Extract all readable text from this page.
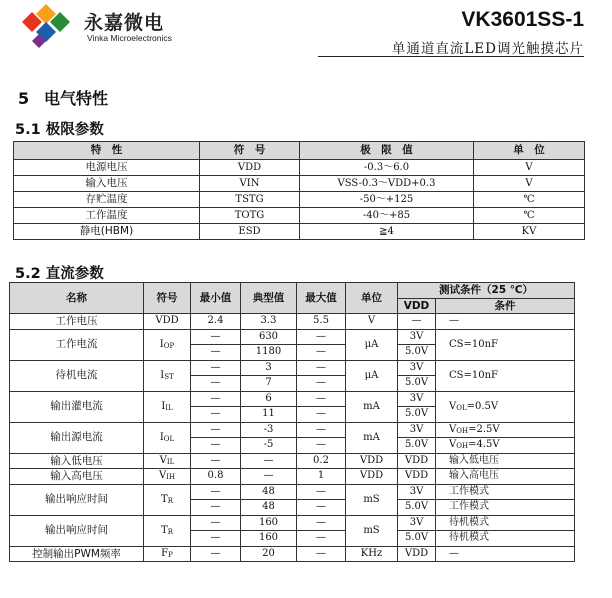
永嘉微电
Vinka Microelectronics
VK3601SS-1
单通道直流LED调光触摸芯片
5 电气特性
5.1 极限参数
特　性	符　号	极　限　值	单　位
电源电压	VDD	-0.3～6.0	V
输入电压	VIN	VSS-0.3～VDD+0.3	V
存贮温度	TSTG	-50～+125	℃
工作温度	TOTG	-40～+85	℃
静电(HBM)	ESD	≧4	KV
5.2 直流参数
名称	符号	最小值	典型值	最大值	单位	测试条件（25 ℃）	
						VDD	条件
工作电压	VDD	2.4	3.3	5.5	V	—	—
工作电流	$I_{OP}$	—	630	—	μA	3V	CS=10nF
		—	1180	—		5.0V	
待机电流	$I_{ST}$	—	3	—	μA	3V	CS=10nF
		—	7	—		5.0V	
输出灌电流	$I_{IL}$	—	6	—	mA	3V	$V_{OL}=0.5V$
		—	11	—		5.0V	
输出源电流	$I_{OL}$	—	-3	—	mA	3V	$V_{OH}=2.5V$
		—	-5	—		5.0V	$V_{OH}=4.5V$
输入低电压	$V_{IL}$	—	—	0.2	VDD	VDD	输入低电压
输入高电压	$V_{IH}$	0.8	—	1	VDD	VDD	输入高电压
输出响应时间	$T_R$	—	48	—	mS	3V	工作模式
		—	48	—		5.0V	工作模式
输出响应时间	$T_R$	—	160	—	mS	3V	待机模式
		—	160	—		5.0V	待机模式
控制输出PWM频率	$F_P$	—	20	—	KHz	VDD	—
